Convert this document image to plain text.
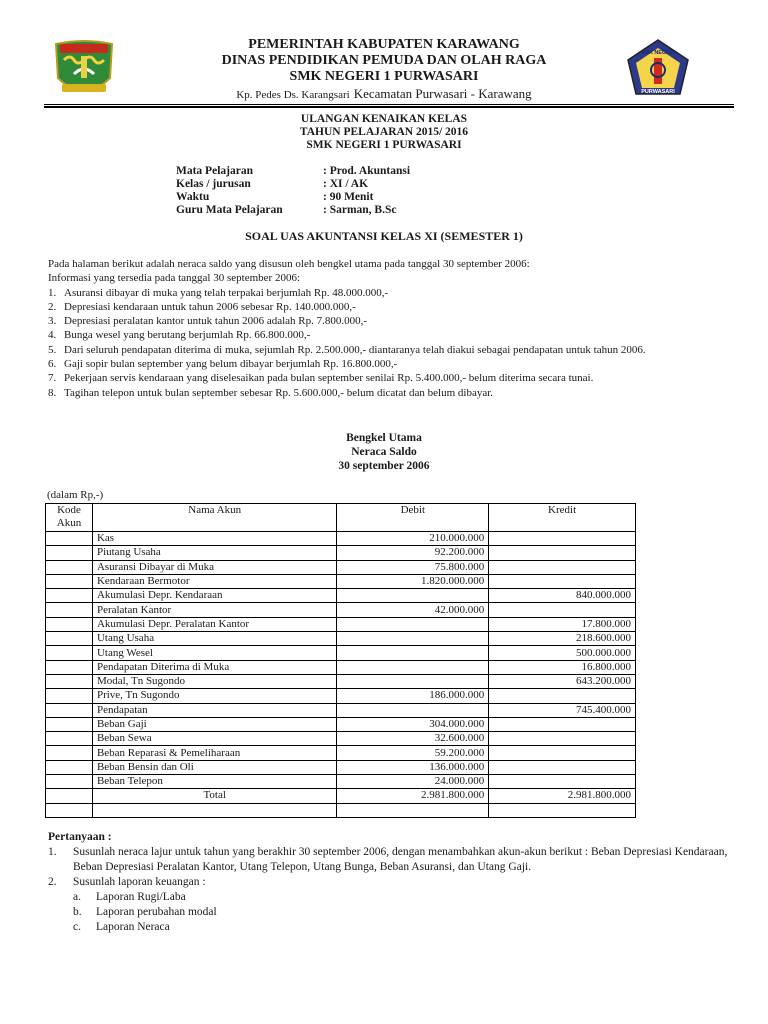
SMK NEGERI
PURWASARI
PEMERINTAH KABUPATEN KARAWANG
DINAS PENDIDIKAN PEMUDA DAN OLAH RAGA
SMK NEGERI 1 PURWASARI
Kp. Pedes Ds. Karangsari Kecamatan Purwasari - Karawang
ULANGAN KENAIKAN KELAS
TAHUN PELAJARAN 2015/ 2016
SMK NEGERI 1 PURWASARI
Mata Pelajaran	: Prod. Akuntansi
Kelas / jurusan	: XI / AK
Waktu	: 90 Menit
Guru Mata Pelajaran	: Sarman, B.Sc
SOAL UAS AKUNTANSI KELAS XI (SEMESTER 1)
Pada halaman berikut adalah neraca saldo yang disusun oleh bengkel utama pada tanggal 30 september 2006:
Informasi yang tersedia pada tanggal 30 september 2006:
1. Asuransi dibayar di muka yang telah terpakai berjumlah Rp. 48.000.000,-
2. Depresiasi kendaraan untuk tahun 2006 sebesar Rp. 140.000.000,-
3. Depresiasi peralatan kantor untuk tahun 2006 adalah Rp. 7.800.000,-
4. Bunga wesel yang berutang berjumlah Rp. 66.800.000,-
5. Dari seluruh pendapatan diterima di muka, sejumlah Rp. 2.500.000,- diantaranya telah diakui sebagai pendapatan untuk tahun 2006.
6. Gaji sopir bulan september yang belum dibayar berjumlah Rp. 16.800.000,-
7. Pekerjaan servis kendaraan yang diselesaikan pada bulan september senilai Rp. 5.400.000,- belum diterima secara tunai.
8. Tagihan telepon untuk bulan september sebesar Rp. 5.600.000,- belum dicatat dan belum dibayar.
Bengkel Utama
Neraca Saldo
30 september 2006
(dalam Rp,-)
Kode Akun	Nama Akun	Debit	Kredit
	Kas	210.000.000	
	Piutang Usaha	92.200.000	
	Asuransi Dibayar di Muka	75.800.000	
	Kendaraan Bermotor	1.820.000.000	
	Akumulasi Depr. Kendaraan		840.000.000
	Peralatan Kantor	42.000.000	
	Akumulasi Depr. Peralatan Kantor		17.800.000
	Utang Usaha		218.600.000
	Utang Wesel		500.000.000
	Pendapatan Diterima di Muka		16.800.000
	Modal, Tn Sugondo		643.200.000
	Prive, Tn Sugondo	186.000.000	
	Pendapatan		745.400.000
	Beban Gaji	304.000.000	
	Beban Sewa	32.600.000	
	Beban Reparasi & Pemeliharaan	59.200.000	
	Beban Bensin dan Oli	136.000.000	
	Beban Telepon	24.000.000	
	Total	2.981.800.000	2.981.800.000

Pertanyaan :
1. Susunlah neraca lajur untuk tahun yang berakhir 30 september 2006, dengan menambahkan akun-akun berikut : Beban Depresiasi Kendaraan, Beban Depresiasi Peralatan Kantor, Utang Telepon, Utang Bunga, Beban Asuransi, dan Utang Gaji.
2. Susunlah laporan keuangan :
a. Laporan Rugi/Laba
b. Laporan perubahan modal
c. Laporan Neraca
